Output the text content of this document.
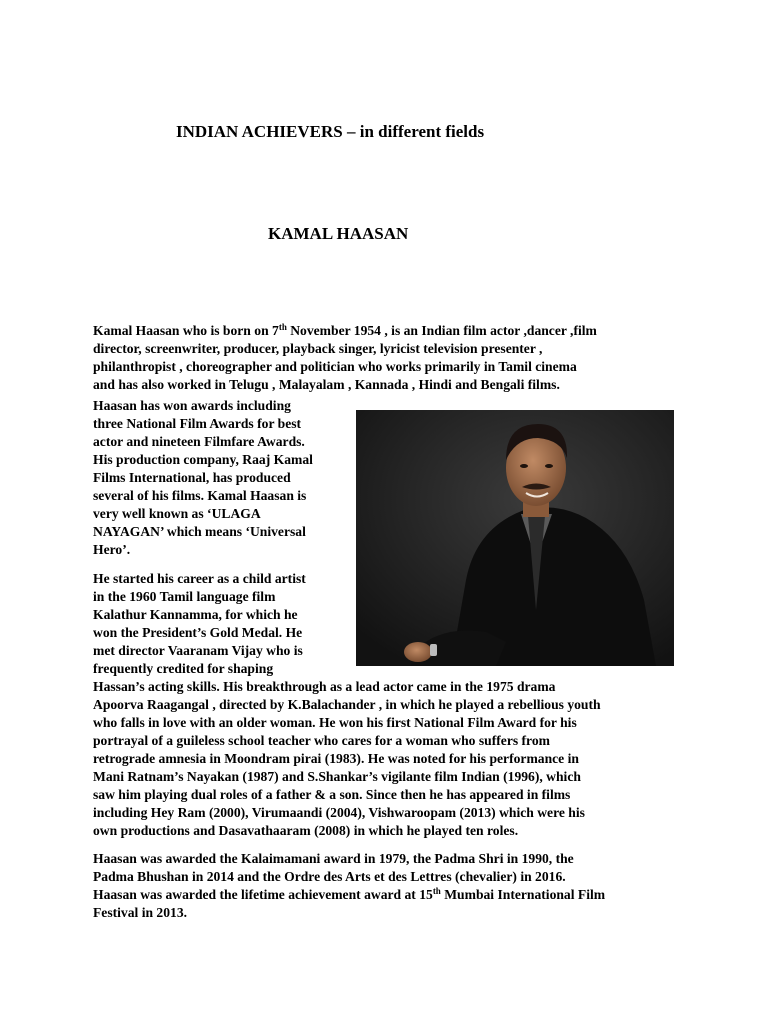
INDIAN ACHIEVERS – in different fields
KAMAL HAASAN

Kamal Haasan who is born on 7th November 1954 , is an Indian film actor ,dancer ,film
director, screenwriter, producer, playback singer, lyricist television presenter ,
philanthropist , choreographer and politician who works primarily in Tamil cinema
and has also worked in Telugu , Malayalam , Kannada , Hindi and Bengali films.

Haasan has won awards including
three National Film Awards for best
actor and nineteen Filmfare Awards.
His production company, Raaj Kamal
Films International, has produced
several of his films. Kamal Haasan is
very well known as ‘ULAGA
NAYAGAN’ which means ‘Universal
Hero’.

He started his career as a child artist
in the 1960 Tamil language film
Kalathur Kannamma, for which he
won the President’s Gold Medal. He
met director Vaaranam Vijay who is
frequently credited for shaping
Hassan’s acting skills. His breakthrough as a lead actor came in the 1975 drama
Apoorva Raagangal , directed by K.Balachander , in which he played a rebellious youth
who falls in love with an older woman. He won his first National Film Award for his
portrayal of a guileless school teacher who cares for a woman who suffers from
retrograde amnesia in Moondram pirai (1983). He was noted for his performance in
Mani Ratnam’s Nayakan (1987) and S.Shankar’s vigilante film Indian (1996), which
saw him playing dual roles of a father & a son. Since then he has appeared in films
including Hey Ram (2000), Virumaandi (2004), Vishwaroopam (2013) which were his
own productions and Dasavathaaram (2008) in which he played ten roles.

Haasan was awarded the Kalaimamani award in 1979, the Padma Shri in 1990, the
Padma Bhushan in 2014 and the Ordre des Arts et des Lettres (chevalier) in 2016.
Haasan was awarded the lifetime achievement award at 15th Mumbai International Film
Festival in 2013.
